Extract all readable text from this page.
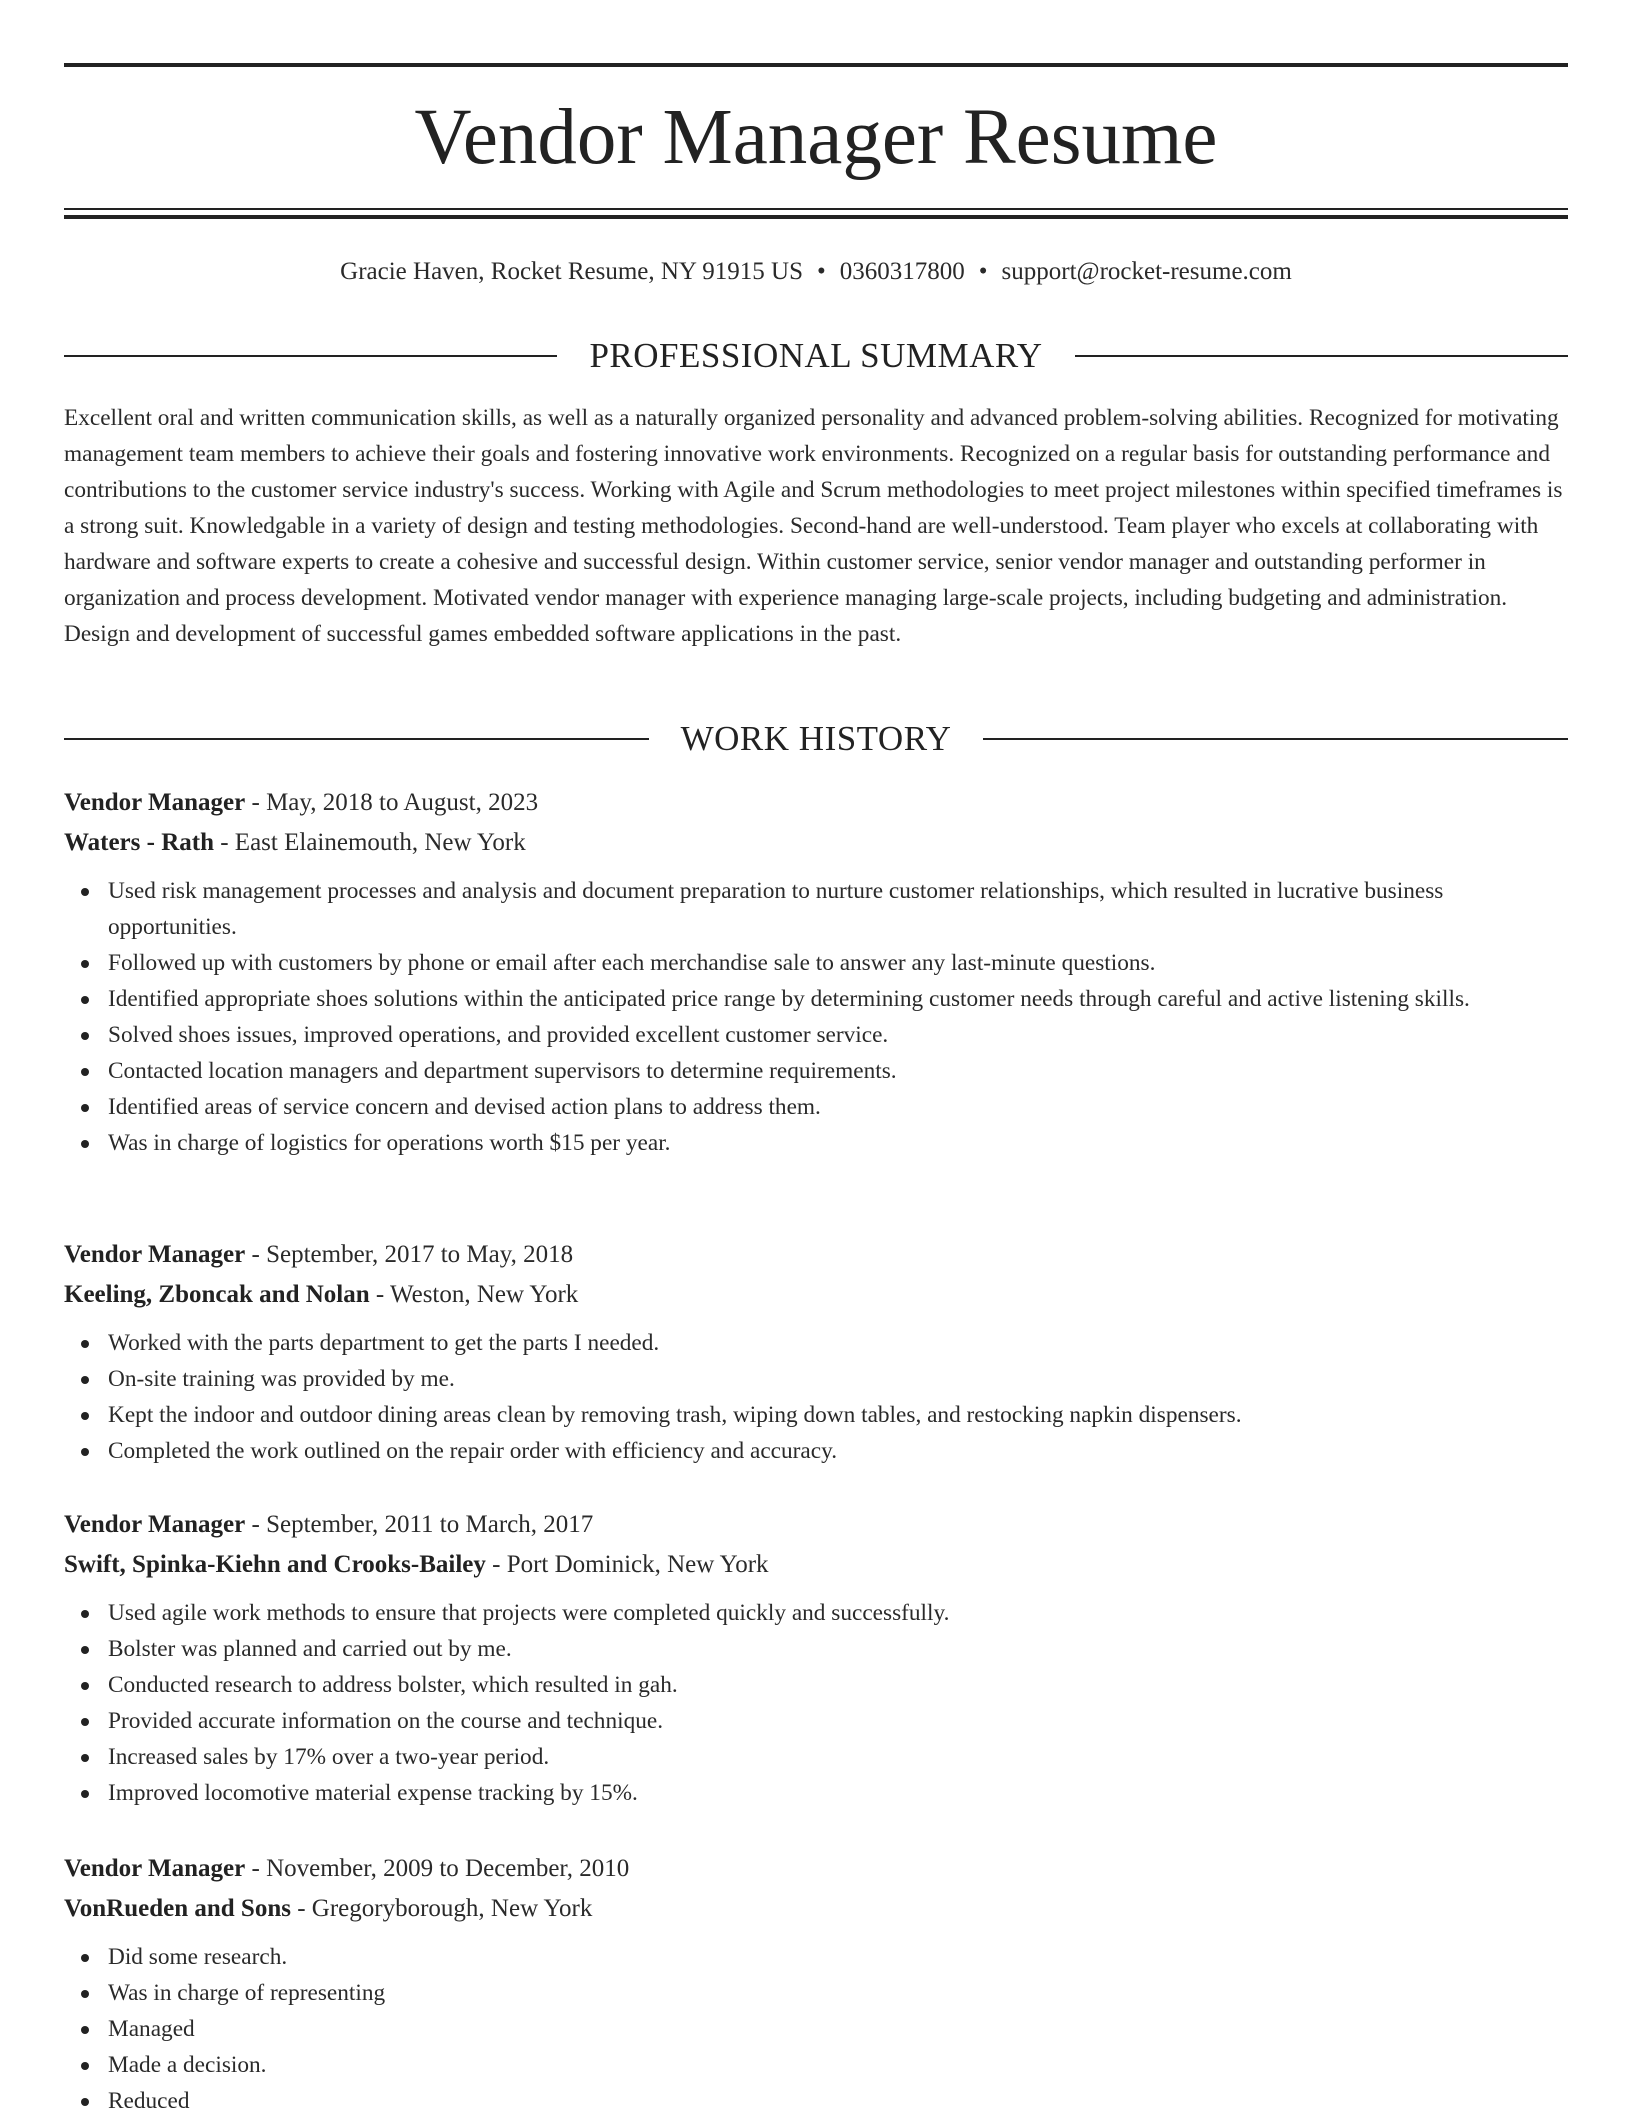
Vendor Manager Resume
Gracie Haven, Rocket Resume, NY 91915 US • 0360317800 • support@rocket-resume.com
PROFESSIONAL SUMMARY

Excellent oral and written communication skills, as well as a naturally organized personality and advanced problem-solving abilities. Recognized for motivating management team members to achieve their goals and fostering innovative work environments. Recognized on a regular basis for outstanding performance and contributions to the customer service industry's success. Working with Agile and Scrum methodologies to meet project milestones within specified timeframes is a strong suit. Knowledgable in a variety of design and testing methodologies. Second-hand are well-understood. Team player who excels at collaborating with hardware and software experts to create a cohesive and successful design. Within customer service, senior vendor manager and outstanding performer in organization and process development. Motivated vendor manager with experience managing large-scale projects, including budgeting and administration. Design and development of successful games embedded software applications in the past.

WORK HISTORY
Vendor Manager - May, 2018 to August, 2023
Waters - Rath - East Elainemouth, New York
Used risk management processes and analysis and document preparation to nurture customer relationships, which resulted in lucrative business opportunities.
Followed up with customers by phone or email after each merchandise sale to answer any last-minute questions.
Identified appropriate shoes solutions within the anticipated price range by determining customer needs through careful and active listening skills.
Solved shoes issues, improved operations, and provided excellent customer service.
Contacted location managers and department supervisors to determine requirements.
Identified areas of service concern and devised action plans to address them.
Was in charge of logistics for operations worth $15 per year.
Vendor Manager - September, 2017 to May, 2018
Keeling, Zboncak and Nolan - Weston, New York
Worked with the parts department to get the parts I needed.
On-site training was provided by me.
Kept the indoor and outdoor dining areas clean by removing trash, wiping down tables, and restocking napkin dispensers.
Completed the work outlined on the repair order with efficiency and accuracy.
Vendor Manager - September, 2011 to March, 2017
Swift, Spinka-Kiehn and Crooks-Bailey - Port Dominick, New York
Used agile work methods to ensure that projects were completed quickly and successfully.
Bolster was planned and carried out by me.
Conducted research to address bolster, which resulted in gah.
Provided accurate information on the course and technique.
Increased sales by 17% over a two-year period.
Improved locomotive material expense tracking by 15%.
Vendor Manager - November, 2009 to December, 2010
VonRueden and Sons - Gregoryborough, New York
Did some research.
Was in charge of representing
Managed
Made a decision.
Reduced
